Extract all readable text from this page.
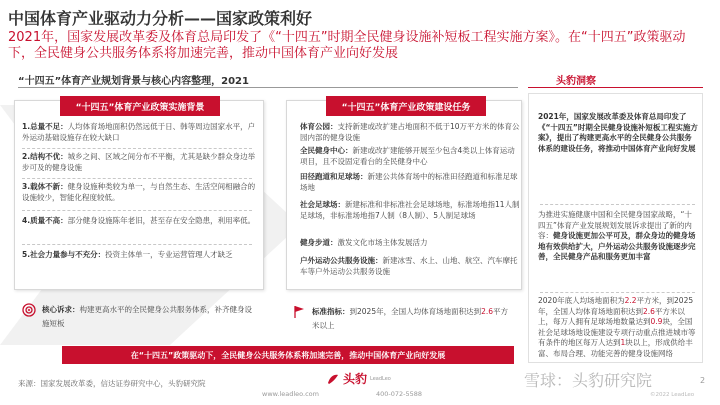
中国体育产业驱动力分析——国家政策利好
2021年，国家发展改革委及体育总局印发了《“十四五”时期全民健身设施补短板工程实施方案》。在“十四五”政策驱动下，全民健身公共服务体系将加速完善，推动中国体育产业向好发展
“十四五”体育产业规划背景与核心内容整理，2021	头豹洞察
“十四五”体育产业政策实施背景
1.总量不足：人均体育场地面积仍然远低于日、韩等周边国家水平，户外运动基础设施存在较大缺口
2.结构不优：城乡之间、区域之间分布不平衡，尤其是缺少群众身边举步可及的健身设施
3.载体不新：健身设施种类较为单一，与自然生态、生活空间相融合的设施较少，智能化程度较低。
4.质量不高：部分健身设施陈年老旧，甚至存在安全隐患，利用率低。
5.社会力量参与不充分：投资主体单一，专业运营管理人才缺乏
“十四五”体育产业政策建设任务
体育公园：支持新建或改扩建占地面积不低于10万平方米的体育公园内部的健身设施
全民健身中心：新建或改扩建能够开展至少包含4类以上体育运动项目，且不设固定看台的全民健身中心
田径跑道和足球场：新建公共体育场中的标准田径跑道和标准足球场地
社会足球场：新建标准和非标准社会足球场地，标准场地指11人制足球场，非标准场地指7人制（8人制）、5人制足球场
健身步道：激发文化市场主体发展活力
户外运动公共服务设施：新建冰雪、水上、山地、航空、汽车摩托车等户外运动公共服务设施
核心诉求：构建更高水平的全民健身公共服务体系，补齐健身设施短板
标准指标：到2025年，全国人均体育场地面积达到2.6平方米以上
在“十四五”政策驱动下，全民健身公共服务体系将加速完善，推动中国体育产业向好发展
2021年，国家发展改革委及体育总局印发了《“十四五”时期全民健身设施补短板工程实施方案》，提出了构建更高水平的全民健身公共服务体系的建设任务，将推动中国体育产业向好发展
为推进实施健康中国和全民健身国家战略，“十四五”体育产业发展规划发展诉求提出了新的内容：健身设施更加公平可及，群众身边的健身场地有效供给扩大，户外运动公共服务设施逐步完善，全民健身产品和服务更加丰富
2020年底人均场地面积为2.2平方米，到2025年，全国人均体育场地面积达到2.6平方米以上，每万人拥有足球场地数量达到0.9块，全国社会足球场地设施建设专项行动重点推进城市等有条件的地区每万人达到1块以上，形成供给丰富、布局合理、功能完善的健身设施网络
来源：国家发展改革委，信达证券研究中心，头豹研究院	头豹 LeadLeo
www.leadleo.com	400-072-5588
雪球：头豹研究院
©2022 LeadLeo
2
